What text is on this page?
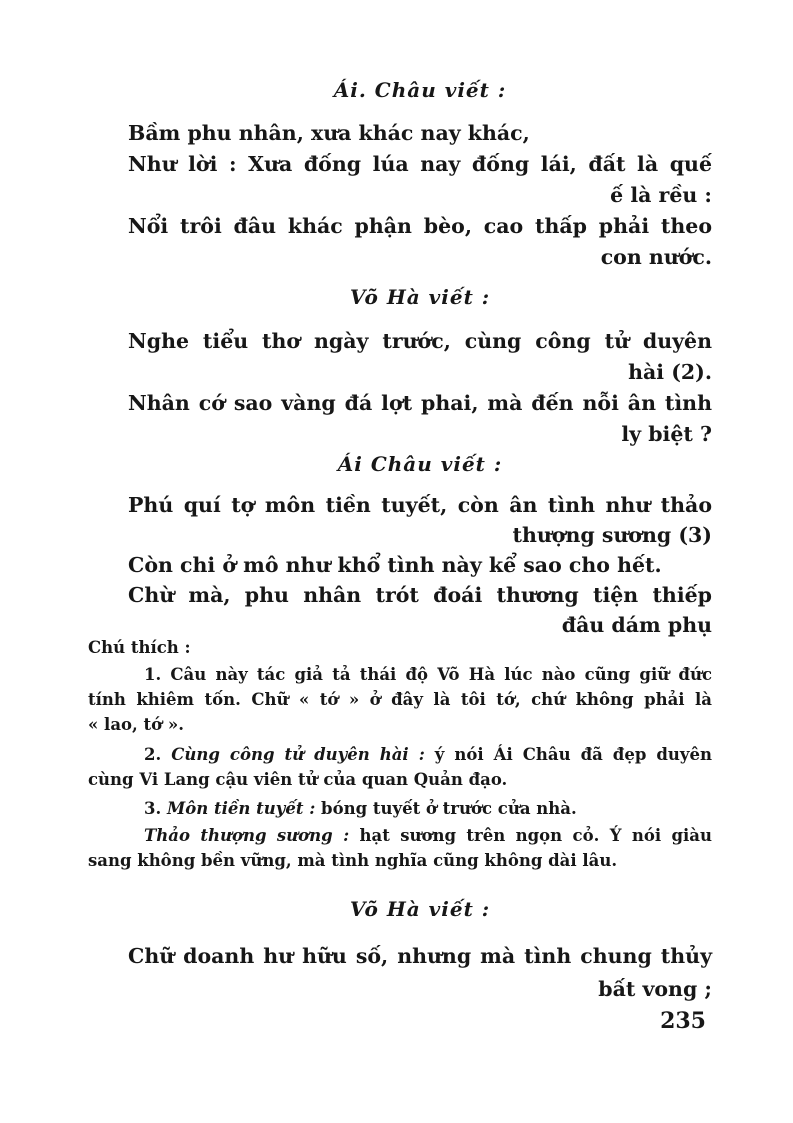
Ái. Châu viết :
Bầm phu nhân, xưa khác nay khác,
Như lời : Xưa đống lúa nay đống lái, đất là quế
ế là rều :
Nổi trôi đâu khác phận bèo, cao thấp phải theo
con nước.
Võ Hà viết :
Nghe tiểu thơ ngày trước, cùng công tử duyên
hài (2).
Nhân cớ sao vàng đá lợt phai, mà đến nỗi ân tình
ly biệt ?
Ái Châu viết :
Phú quí tợ môn tiền tuyết, còn ân tình như thảo
thượng sương (3)
Còn chi ở mô như khổ tình này kể sao cho hết.
Chừ mà, phu nhân trót đoái thương tiện thiếp
đâu dám phụ
Chú thích :
1. Câu này tác giả tả thái độ Võ Hà lúc nào cũng giữ đức
tính khiêm tốn. Chữ « tớ » ở đây là tôi tớ, chứ không phải là
« lao, tớ ».
2. Cùng công tử duyên hài : ý nói Ái Châu đã đẹp duyên
cùng Vi Lang cậu viên tử của quan Quản đạo.
3. Môn tiền tuyết : bóng tuyết ở trước cửa nhà.
Thảo thượng sương : hạt sương trên ngọn cỏ. Ý nói giàu
sang không bền vững, mà tình nghĩa cũng không dài lâu.
Võ Hà viết :
Chữ doanh hư hữu số, nhưng mà tình chung thủy
bất vong ;
235
